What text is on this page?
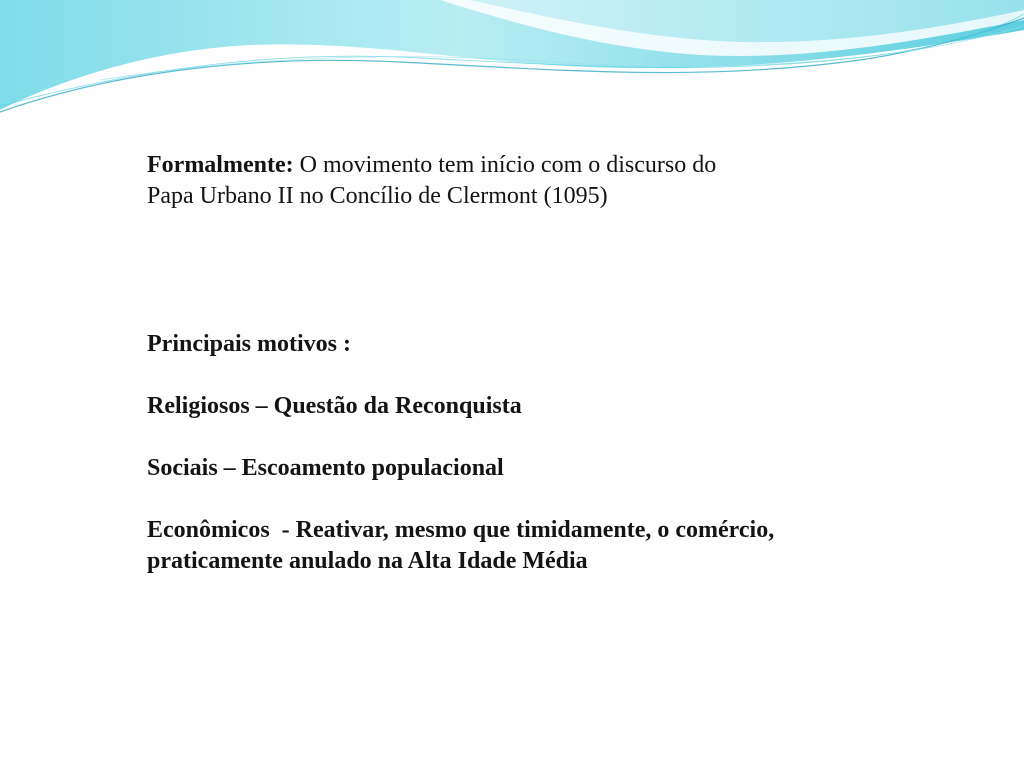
Formalmente: O movimento tem início com o discurso do
Papa Urbano II no Concílio de Clermont (1095)

Principais motivos :

Religiosos – Questão da Reconquista

Sociais – Escoamento populacional

Econômicos  - Reativar, mesmo que timidamente, o comércio,
praticamente anulado na Alta Idade Média
